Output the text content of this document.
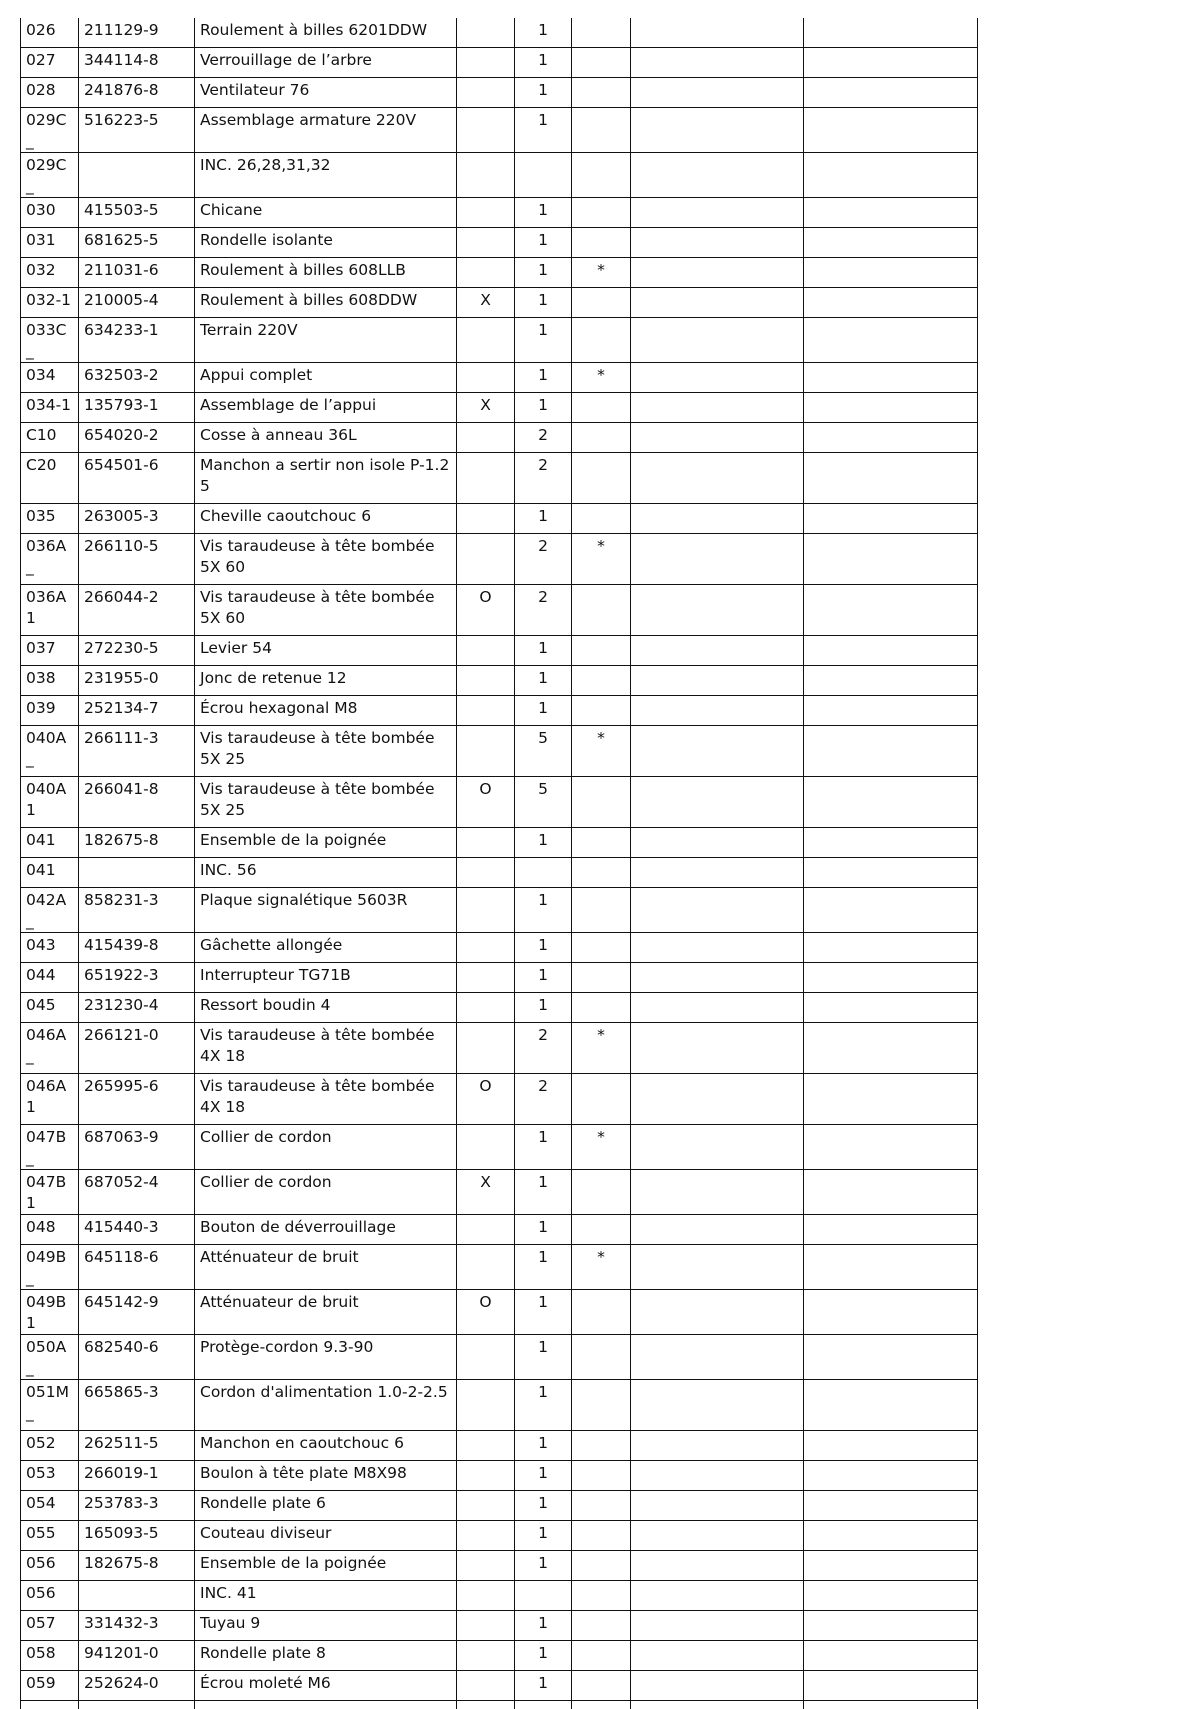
026	211129-9	Roulement à billes 6201DDW		1			
027	344114-8	Verrouillage de l’arbre		1			
028	241876-8	Ventilateur 76		1			
029C_	516223-5	Assemblage armature 220V		1			
029C_		INC. 26,28,31,32					
030	415503-5	Chicane		1			
031	681625-5	Rondelle isolante		1			
032	211031-6	Roulement à billes 608LLB		1	*		
032-1	210005-4	Roulement à billes 608DDW	X	1			
033C_	634233-1	Terrain 220V		1			
034	632503-2	Appui complet		1	*		
034-1	135793-1	Assemblage de l’appui	X	1			
C10	654020-2	Cosse à anneau 36L		2			
C20	654501-6	Manchon a sertir non isole P-1.2 5		2			
035	263005-3	Cheville caoutchouc 6		1			
036A_	266110-5	Vis taraudeuse à tête bombée 5X 60		2	*		
036A1	266044-2	Vis taraudeuse à tête bombée 5X 60	O	2			
037	272230-5	Levier 54		1			
038	231955-0	Jonc de retenue 12		1			
039	252134-7	Écrou hexagonal M8		1			
040A_	266111-3	Vis taraudeuse à tête bombée 5X 25		5	*		
040A1	266041-8	Vis taraudeuse à tête bombée 5X 25	O	5			
041	182675-8	Ensemble de la poignée		1			
041		INC. 56					
042A_	858231-3	Plaque signalétique 5603R		1			
043	415439-8	Gâchette allongée		1			
044	651922-3	Interrupteur TG71B		1			
045	231230-4	Ressort boudin 4		1			
046A_	266121-0	Vis taraudeuse à tête bombée 4X 18		2	*		
046A1	265995-6	Vis taraudeuse à tête bombée 4X 18	O	2			
047B_	687063-9	Collier de cordon		1	*		
047B1	687052-4	Collier de cordon	X	1			
048	415440-3	Bouton de déverrouillage		1			
049B_	645118-6	Atténuateur de bruit		1	*		
049B1	645142-9	Atténuateur de bruit	O	1			
050A_	682540-6	Protège-cordon 9.3-90		1			
051M_	665865-3	Cordon d'alimentation 1.0-2-2.5		1			
052	262511-5	Manchon en caoutchouc 6		1			
053	266019-1	Boulon à tête plate M8X98		1			
054	253783-3	Rondelle plate 6		1			
055	165093-5	Couteau diviseur		1			
056	182675-8	Ensemble de la poignée		1			
056		INC. 41					
057	331432-3	Tuyau 9		1			
058	941201-0	Rondelle plate 8		1			
059	252624-0	Écrou moleté M6		1			
